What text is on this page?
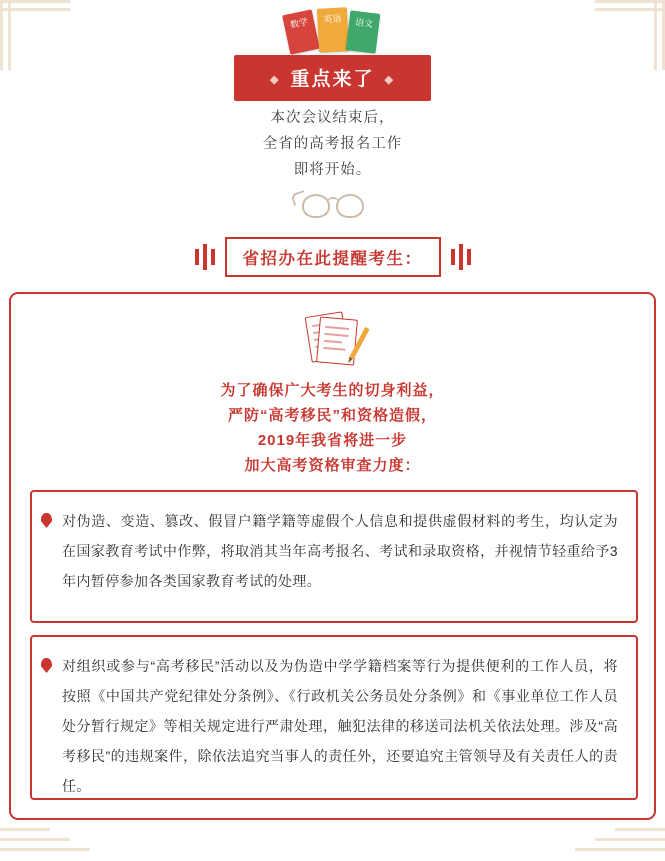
数学	英语	语文
◆ 重点来了 ◆
本次会议结束后，
全省的高考报名工作
即将开始。
省招办在此提醒考生：
为了确保广大考生的切身利益，
严防“高考移民”和资格造假，
2019年我省将进一步
加大高考资格审查力度：

对伪造、变造、篡改、假冒户籍学籍等虚假个人信息和提供虚假材料的考生，均认定为在国家教育考试中作弊，将取消其当年高考报名、考试和录取资格，并视情节轻重给予3年内暂停参加各类国家教育考试的处理。

对组织或参与“高考移民”活动以及为伪造中学学籍档案等行为提供便利的工作人员，将按照《中国共产党纪律处分条例》、《行政机关公务员处分条例》和《事业单位工作人员处分暂行规定》等相关规定进行严肃处理，触犯法律的移送司法机关依法处理。涉及“高考移民”的违规案件，除依法追究当事人的责任外，还要追究主管领导及有关责任人的责任。
